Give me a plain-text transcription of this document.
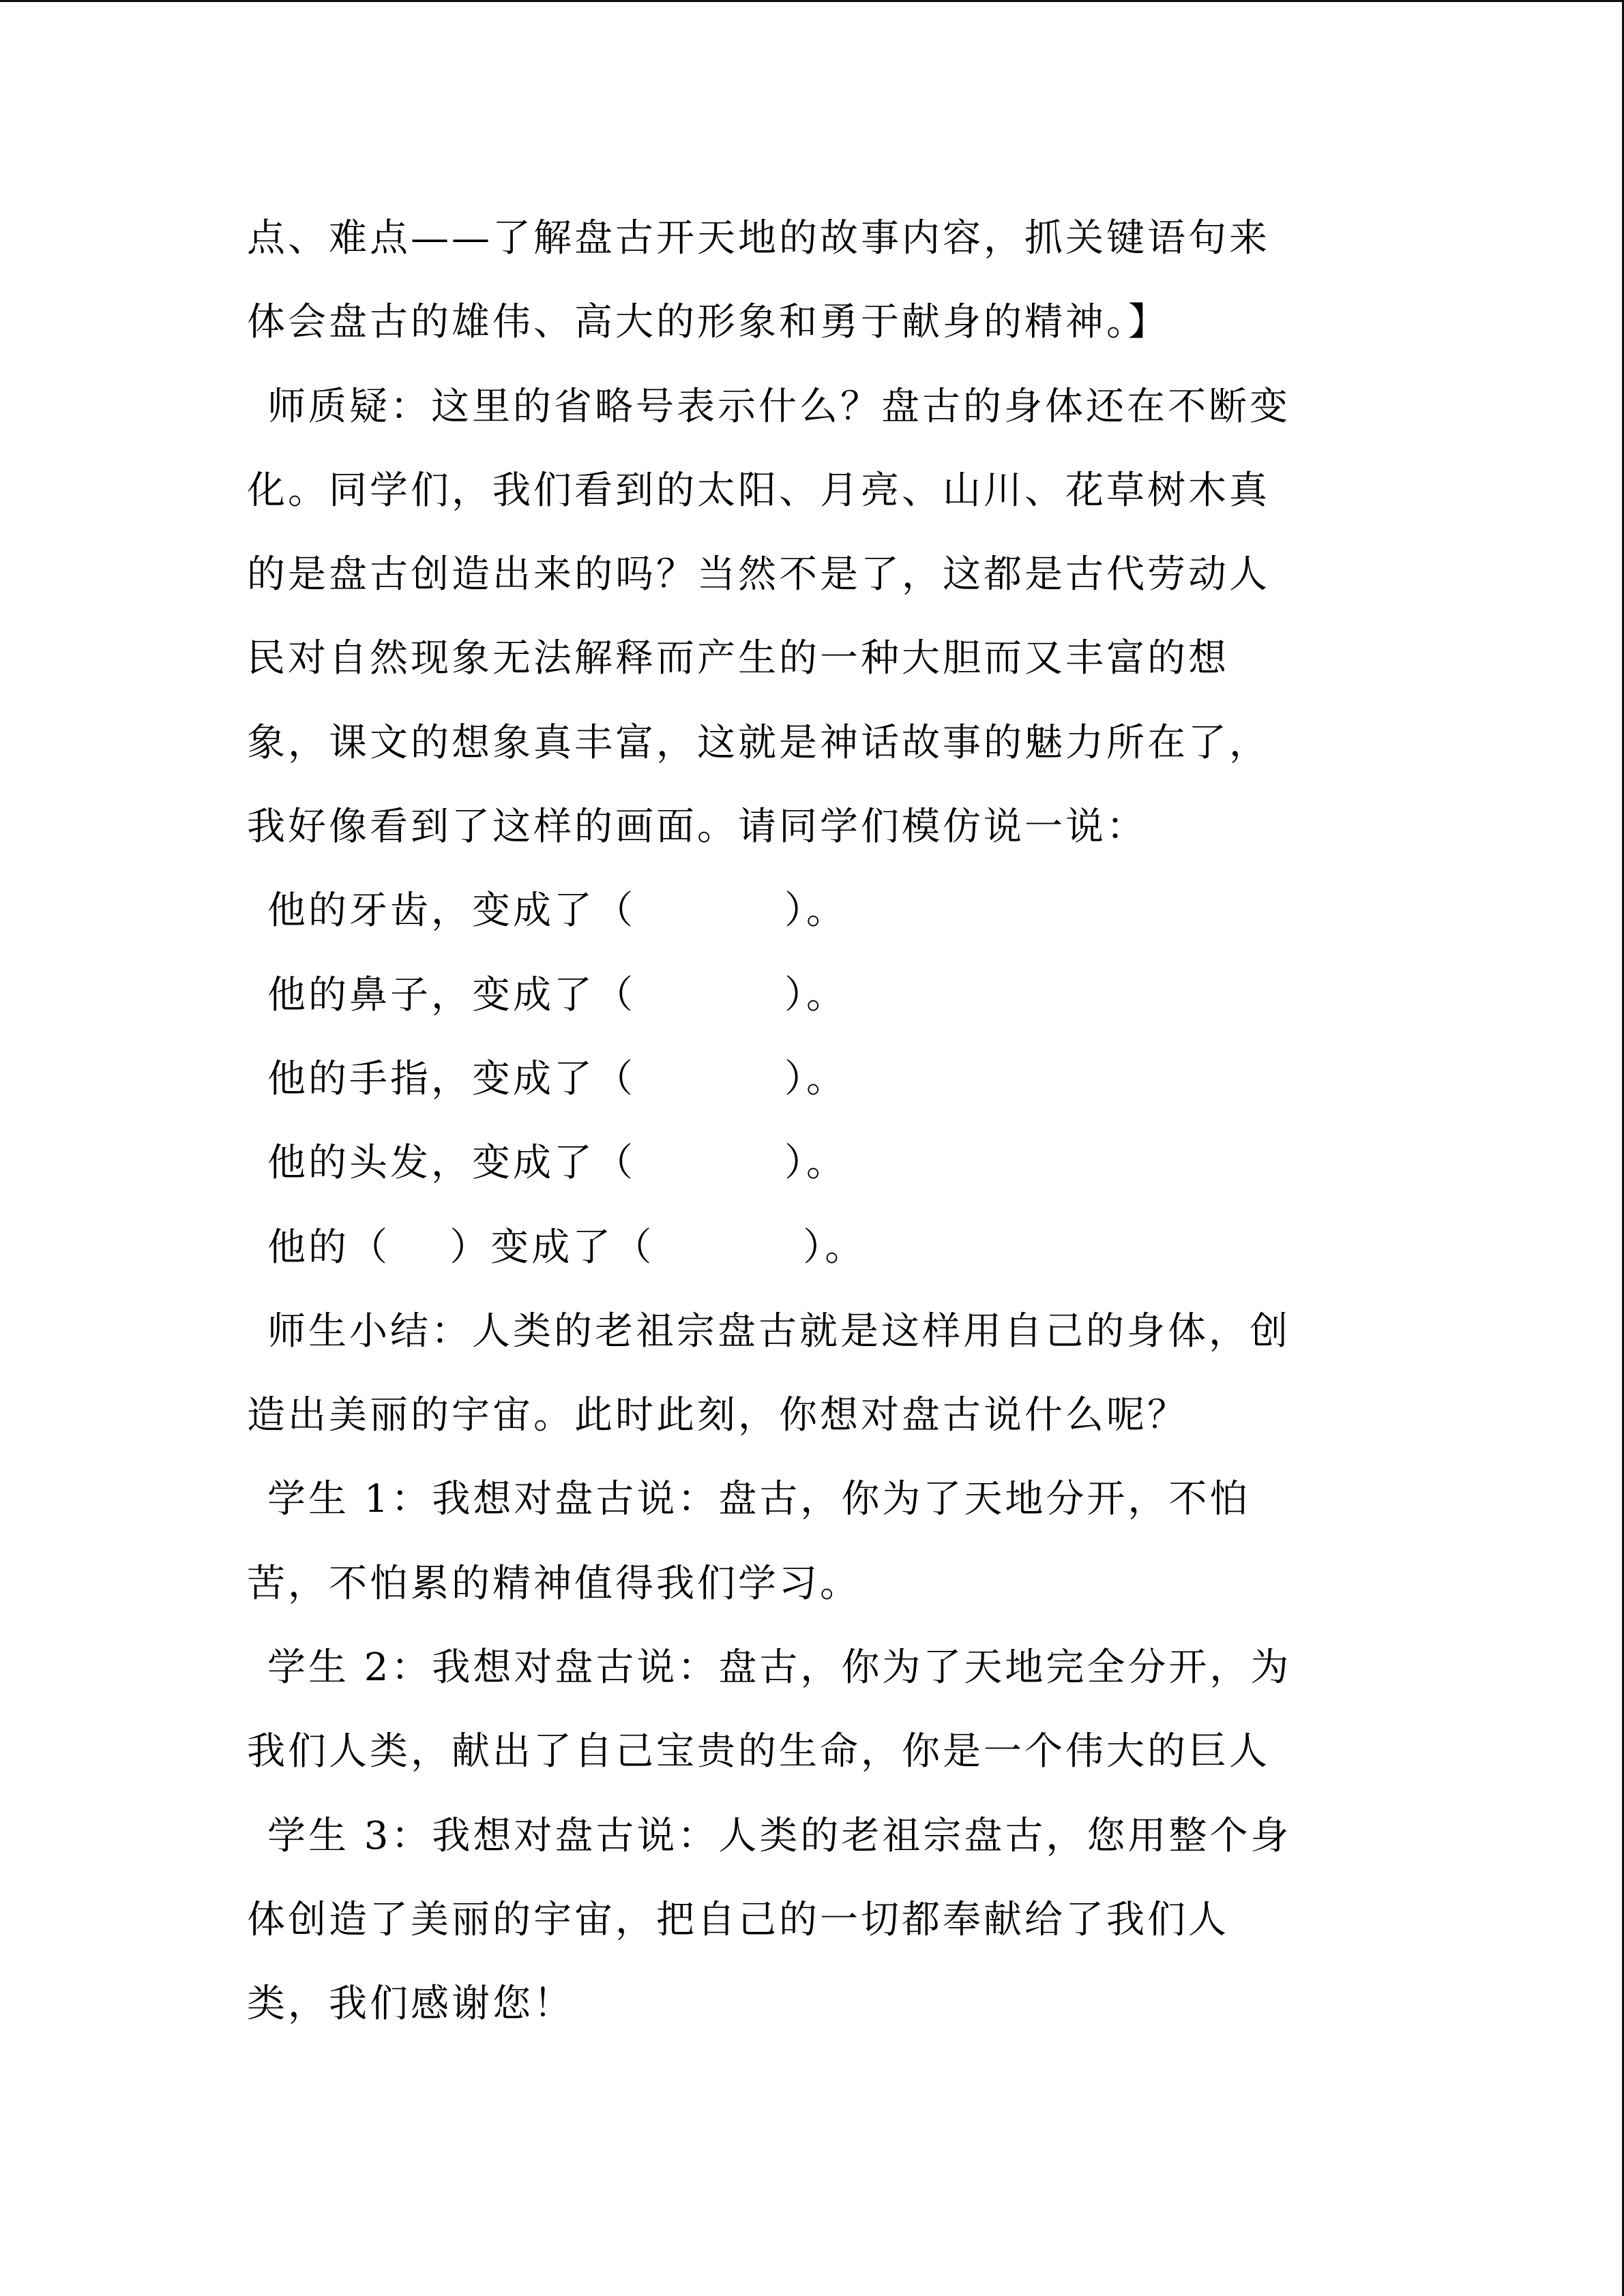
点、难点——了解盘古开天地的故事内容，抓关键语句来
体会盘古的雄伟、高大的形象和勇于献身的精神。】
师质疑：这里的省略号表示什么？盘古的身体还在不断变
化。同学们，我们看到的太阳、月亮、山川、花草树木真
的是盘古创造出来的吗？当然不是了，这都是古代劳动人
民对自然现象无法解释而产生的一种大胆而又丰富的想
象，课文的想象真丰富，这就是神话故事的魅力所在了，
我好像看到了这样的画面。请同学们模仿说一说：
他的牙齿，变成了（          ）。
他的鼻子，变成了（          ）。
他的手指，变成了（          ）。
他的头发，变成了（          ）。
他的（    ）变成了（          ）。
师生小结：人类的老祖宗盘古就是这样用自己的身体，创
造出美丽的宇宙。此时此刻，你想对盘古说什么呢？
学生 1：我想对盘古说：盘古，你为了天地分开，不怕
苦，不怕累的精神值得我们学习。
学生 2：我想对盘古说：盘古，你为了天地完全分开，为
我们人类，献出了自己宝贵的生命，你是一个伟大的巨人
学生 3：我想对盘古说：人类的老祖宗盘古，您用整个身
体创造了美丽的宇宙，把自己的一切都奉献给了我们人
类，我们感谢您！
